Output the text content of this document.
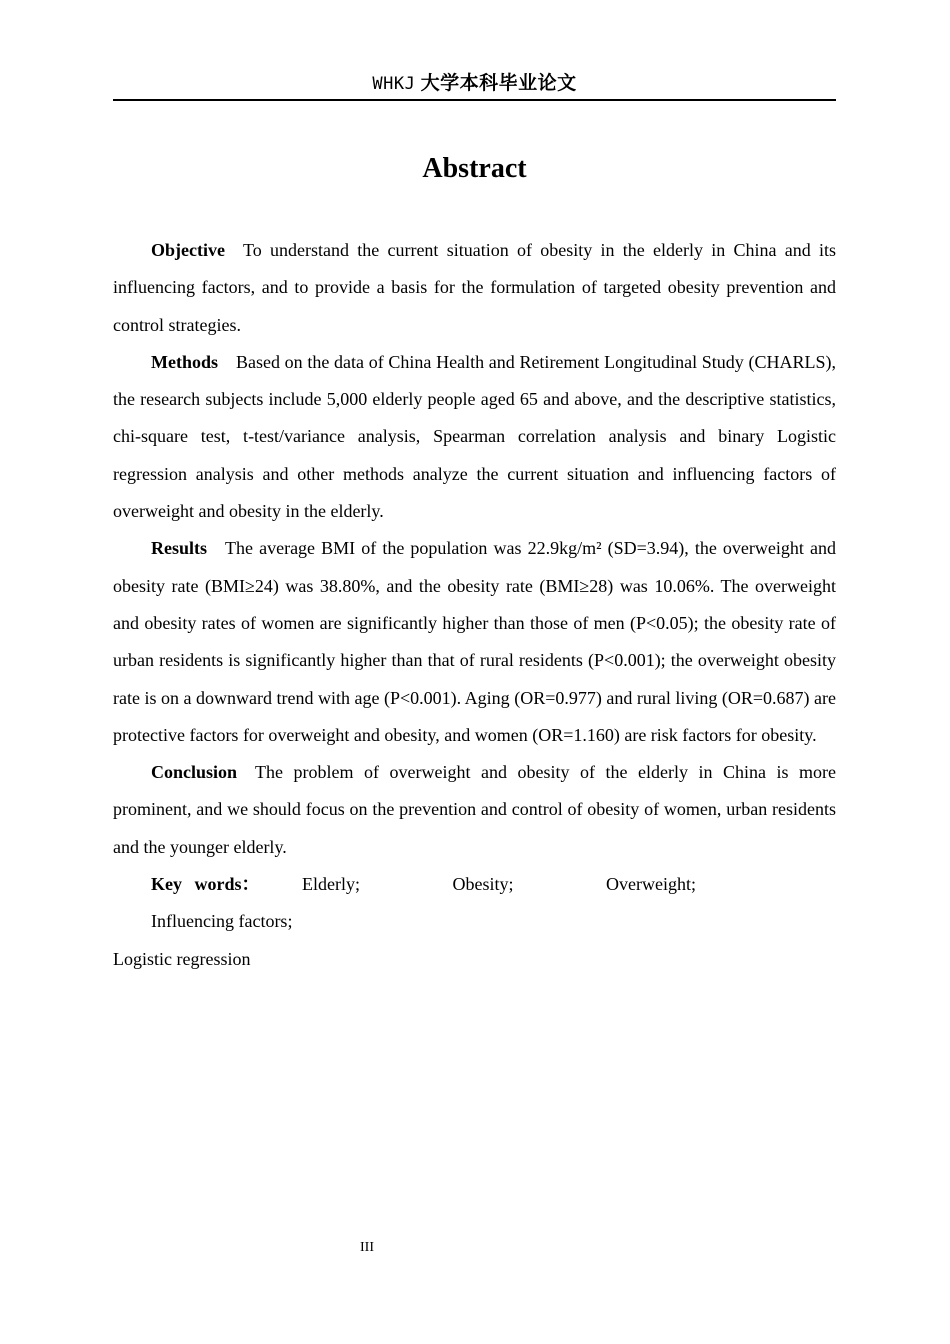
WHKJ 大学本科毕业论文
Abstract

Objective To understand the current situation of obesity in the elderly in China and its influencing factors, and to provide a basis for the formulation of targeted obesity prevention and control strategies.

Methods Based on the data of China Health and Retirement Longitudinal Study (CHARLS), the research subjects include 5,000 elderly people aged 65 and above, and the descriptive statistics, chi-square test, t-test/variance analysis, Spearman correlation analysis and binary Logistic regression analysis and other methods analyze the current situation and influencing factors of overweight and obesity in the elderly.

Results The average BMI of the population was 22.9kg/m² (SD=3.94), the overweight and obesity rate (BMI≥24) was 38.80%, and the obesity rate (BMI≥28) was 10.06%. The overweight and obesity rates of women are significantly higher than those of men (P<0.05); the obesity rate of urban residents is significantly higher than that of rural residents (P<0.001); the overweight obesity rate is on a downward trend with age (P<0.001). Aging (OR=0.977) and rural living (OR=0.687) are protective factors for overweight and obesity, and women (OR=1.160) are risk factors for obesity.

Conclusion The problem of overweight and obesity of the elderly in China is more prominent, and we should focus on the prevention and control of obesity of women, urban residents and the younger elderly.

Key words： Elderly;	Obesity;	Overweight; Influencing factors;

Logistic regression

III
